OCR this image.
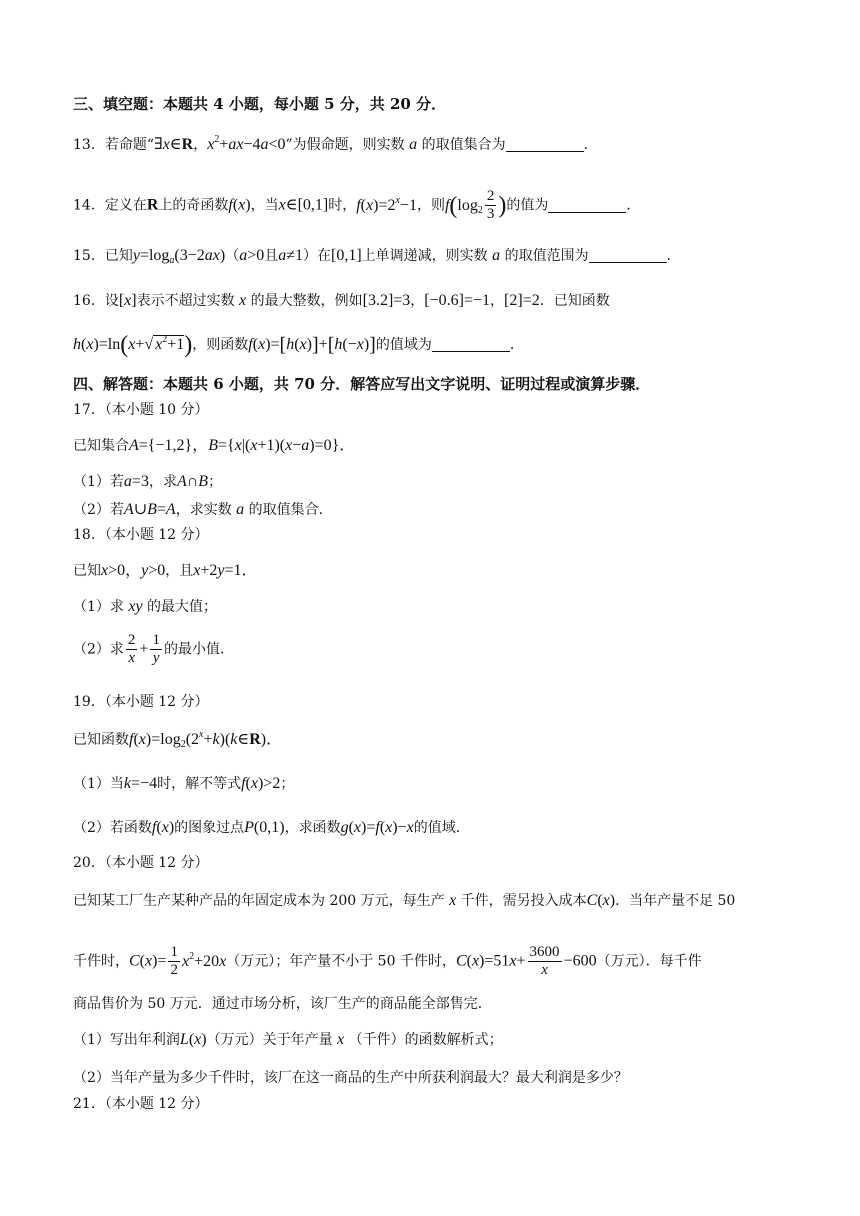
三、填空题：本题共 4 小题，每小题 5 分，共 20 分．
13．若命题“∃x∈R，$x^2+ax-4a<0$”为假命题，则实数 a 的取值集合为	．
14．定义在R上的奇函数f(x)，当x∈[0,1]时，$f(x)=2^x-1$，则$f(\log_2 \frac{2}{3}$ )的值为	．
15．已知$y=\log_a(3-2ax)(a>0$且a≠1）在[0,1]上单调递减，则实数 a 的取值范围为	．
16．设[x]表示不超过实数 x 的最大整数，例如[3.2]=3，[−0.6]=−1，[2]=2．已知函数
h(x)=ln(x+√ $x^2+1$)，则函数f(x)=[h(x)]+[h(−x)]的值域为	．
四、解答题：本题共 6 小题，共 70 分．解答应写出文字说明、证明过程或演算步骤．
17．（本小题 10 分）
已知集合A={−1,2}，B={x|(x+1)(x−a)=0}．
（1）若a=3，求A∩B；
（2）若A∪B=A，求实数 a 的取值集合．
18．（本小题 12 分）
已知x>0，y>0，且x+2y=1．
（1）求 xy 的最大值；
（2）求 $\frac{2}{x} + \frac{1}{y}$ 的最小值．
19．（本小题 12 分）
已知函数$f(x)=\log_2(2^x+k)(k\in R)$．
（1）当k=−4时，解不等式f(x)>2；
（2）若函数f(x)的图象过点P(0,1)，求函数g(x)=f(x)−x的值域．
20．（本小题 12 分）
已知某工厂生产某种产品的年固定成本为 200 万元，每生产 x 千件，需另投入成本C(x)．当年产量不足 50
千件时，$C(x)= \frac{1}{2} x^2+20x$（万元）；年产量不小于 50 千件时，$C(x)=51x+ \frac{3600}{x} -600$（万元）．每千件
商品售价为 50 万元．通过市场分析，该厂生产的商品能全部售完．
（1）写出年利润L(x)（万元）关于年产量 x （千件）的函数解析式；
（2）当年产量为多少千件时，该厂在这一商品的生产中所获利润最大？最大利润是多少？
21．（本小题 12 分）
